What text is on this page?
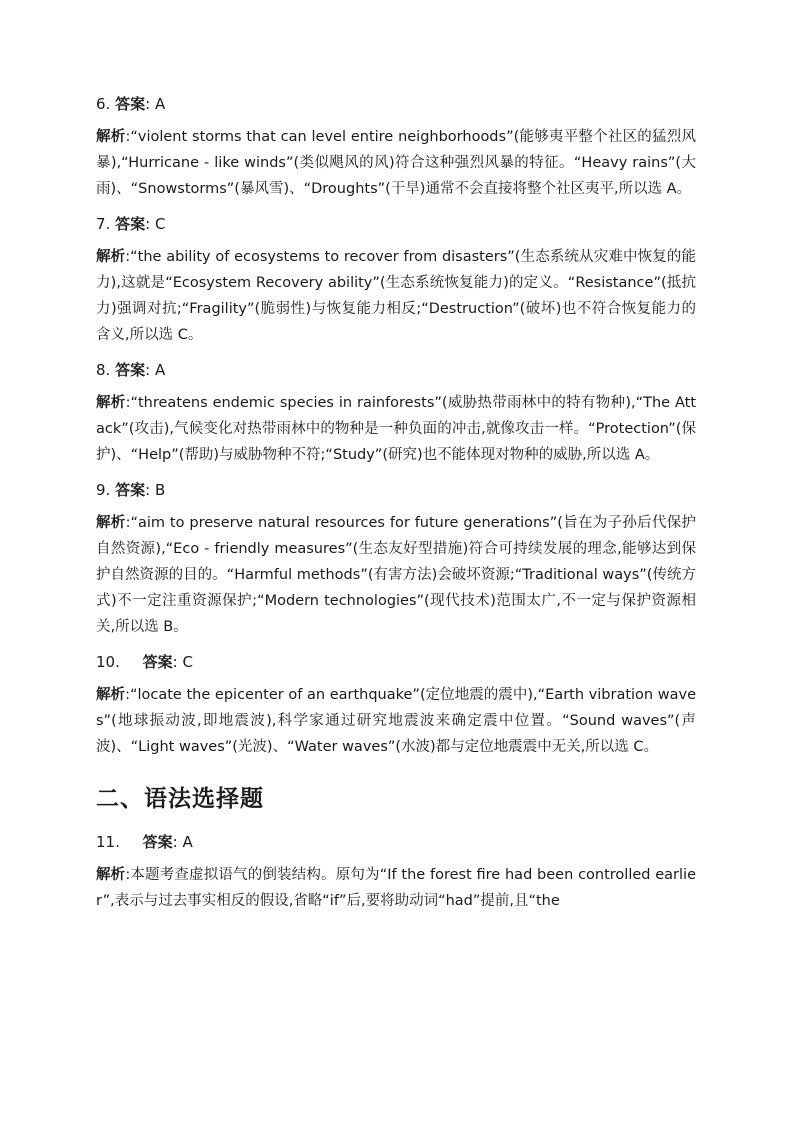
6. 答案: A

解析:“violent storms that can level entire neighborhoods”(能够夷平整个社区的猛烈风暴),“Hurricane - like winds”(类似飓风的风)符合这种强烈风暴的特征。“Heavy rains”(大雨)、“Snowstorms”(暴风雪)、“Droughts”(干旱)通常不会直接将整个社区夷平,所以选 A。

7. 答案: C

解析:“the ability of ecosystems to recover from disasters”(生态系统从灾难中恢复的能力),这就是“Ecosystem Recovery ability”(生态系统恢复能力)的定义。“Resistance”(抵抗力)强调对抗;“Fragility”(脆弱性)与恢复能力相反;“Destruction”(破坏)也不符合恢复能力的含义,所以选 C。

8. 答案: A

解析:“threatens endemic species in rainforests”(威胁热带雨林中的特有物种),“The Attack”(攻击),气候变化对热带雨林中的物种是一种负面的冲击,就像攻击一样。“Protection”(保护)、“Help”(帮助)与威胁物种不符;“Study”(研究)也不能体现对物种的威胁,所以选 A。

9. 答案: B

解析:“aim to preserve natural resources for future generations”(旨在为子孙后代保护自然资源),“Eco - friendly measures”(生态友好型措施)符合可持续发展的理念,能够达到保护自然资源的目的。“Harmful methods”(有害方法)会破坏资源;“Traditional ways”(传统方式)不一定注重资源保护;“Modern technologies”(现代技术)范围太广,不一定与保护资源相关,所以选 B。

10. 答案: C

解析:“locate the epicenter of an earthquake”(定位地震的震中),“Earth vibration waves”(地球振动波,即地震波),科学家通过研究地震波来确定震中位置。“Sound waves”(声波)、“Light waves”(光波)、“Water waves”(水波)都与定位地震震中无关,所以选 C。

二、语法选择题

11. 答案: A

解析:本题考查虚拟语气的倒装结构。原句为“If the forest fire had been controlled earlier”,表示与过去事实相反的假设,省略“if”后,要将助动词“had”提前,且“the
